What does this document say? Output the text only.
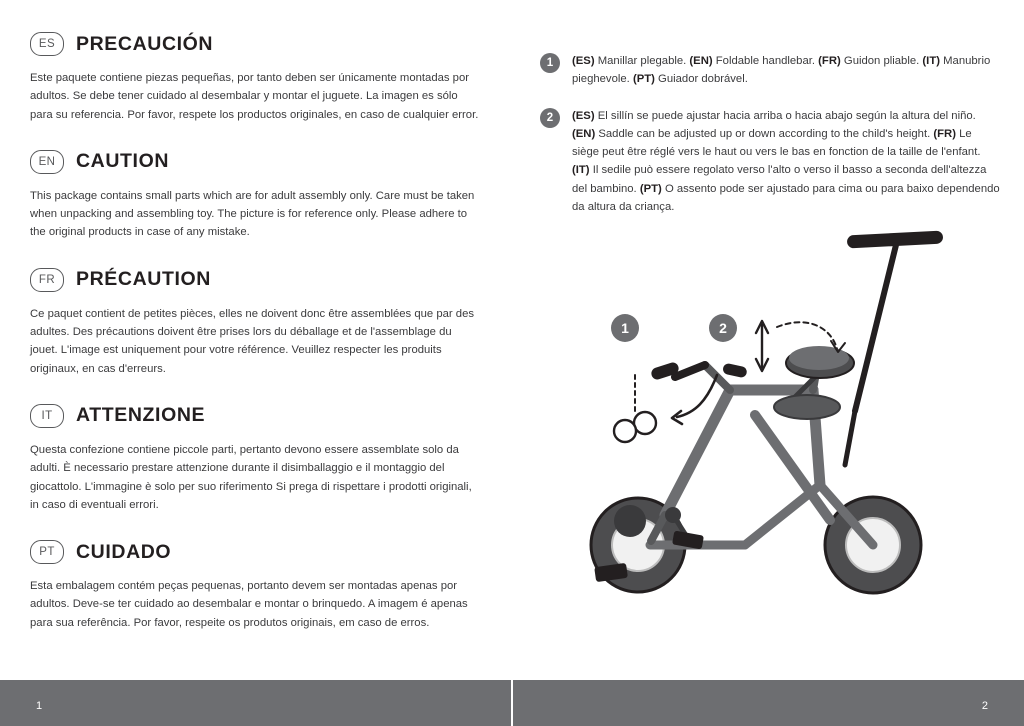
ES	PRECAUCIÓN
Este paquete contiene piezas pequeñas, por tanto deben ser únicamente montadas por adultos. Se debe tener cuidado al desembalar y montar el juguete. La imagen es sólo para su referencia. Por favor, respete los productos originales, en caso de cualquier error.
EN	CAUTION
This package contains small parts which are for adult assembly only. Care must be taken when unpacking and assembling toy. The picture is for reference only. Please adhere to the original products in case of any mistake.
FR	PRÉCAUTION
Ce paquet contient de petites pièces, elles ne doivent donc être assemblées que par des adultes. Des précautions doivent être prises lors du déballage et de l'assemblage du jouet. L'image est uniquement pour votre référence. Veuillez respecter les produits originaux, en cas d'erreurs.
IT	ATTENZIONE
Questa confezione contiene piccole parti, pertanto devono essere assemblate solo da adulti. È necessario prestare attenzione durante il disimballaggio e il montaggio del giocattolo. L'immagine è solo per suo riferimento Si prega di rispettare i prodotti originali, in caso di eventuali errori.
PT	CUIDADO
Esta embalagem contém peças pequenas, portanto devem ser montadas apenas por adultos. Deve-se ter cuidado ao desembalar e montar o brinquedo. A imagem é apenas para sua referência. Por favor, respeite os produtos originais, em caso de erros.
1	(ES) Manillar plegable. (EN) Foldable handlebar. (FR) Guidon pliable. (IT) Manubrio pieghevole. (PT) Guiador dobrável.
2	(ES) El sillín se puede ajustar hacia arriba o hacia abajo según la altura del niño. (EN) Saddle can be adjusted up or down according to the child's height. (FR) Le siège peut être réglé vers le haut ou vers le bas en fonction de la taille de l'enfant. (IT) Il sedile può essere regolato verso l'alto o verso il basso a seconda dell'altezza del bambino. (PT) O assento pode ser ajustado para cima ou para baixo dependendo da altura da criança.
1	2
1	2
